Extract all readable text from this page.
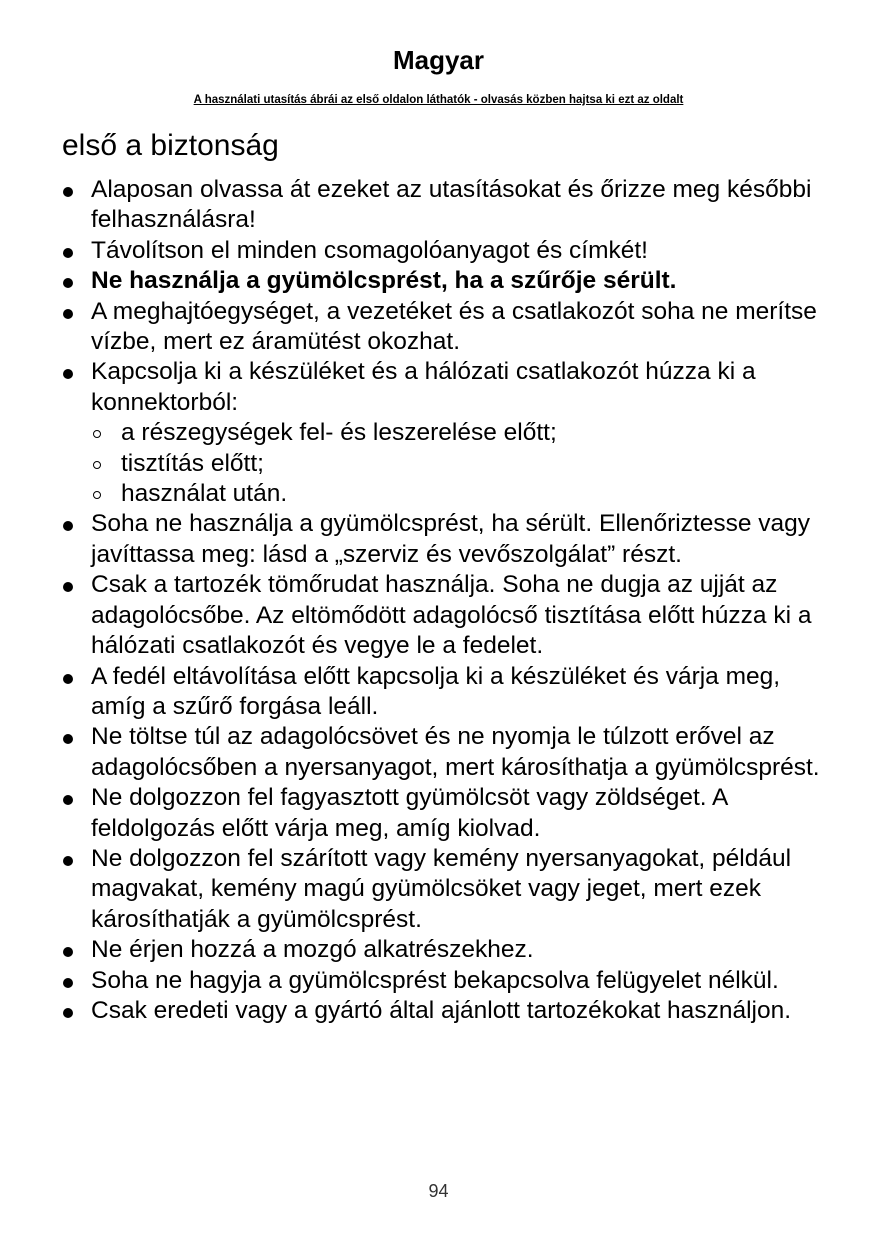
Magyar
A használati utasítás ábrái az első oldalon láthatók - olvasás közben hajtsa ki ezt az oldalt
első a biztonság
Alaposan olvassa át ezeket az utasításokat és őrizze meg későbbi felhasználásra!
Távolítson el minden csomagolóanyagot és címkét!
Ne használja a gyümölcsprést, ha a szűrője sérült.
A meghajtóegységet, a vezetéket és a csatlakozót soha ne merítse vízbe, mert ez áramütést okozhat.
Kapcsolja ki a készüléket és a hálózati csatlakozót húzza ki a konnektorból:
a részegységek fel- és leszerelése előtt;
tisztítás előtt;
használat után.
Soha ne használja a gyümölcsprést, ha sérült. Ellenőriztesse vagy javíttassa meg: lásd a „szerviz és vevőszolgálat” részt.
Csak a tartozék tömőrudat használja. Soha ne dugja az ujját az adagolócsőbe. Az eltömődött adagolócső tisztítása előtt húzza ki a hálózati csatlakozót és vegye le a fedelet.
A fedél eltávolítása előtt kapcsolja ki a készüléket és várja meg, amíg a szűrő forgása leáll.
Ne töltse túl az adagolócsövet és ne nyomja le túlzott erővel az adagolócsőben a nyersanyagot, mert károsíthatja a gyümölcsprést.
Ne dolgozzon fel fagyasztott gyümölcsöt vagy zöldséget. A feldolgozás előtt várja meg, amíg kiolvad.
Ne dolgozzon fel szárított vagy kemény nyersanyagokat, például magvakat, kemény magú gyümölcsöket vagy jeget, mert ezek károsíthatják a gyümölcsprést.
Ne érjen hozzá a mozgó alkatrészekhez.
Soha ne hagyja a gyümölcsprést bekapcsolva felügyelet nélkül.
Csak eredeti vagy a gyártó által ajánlott tartozékokat használjon.
94
